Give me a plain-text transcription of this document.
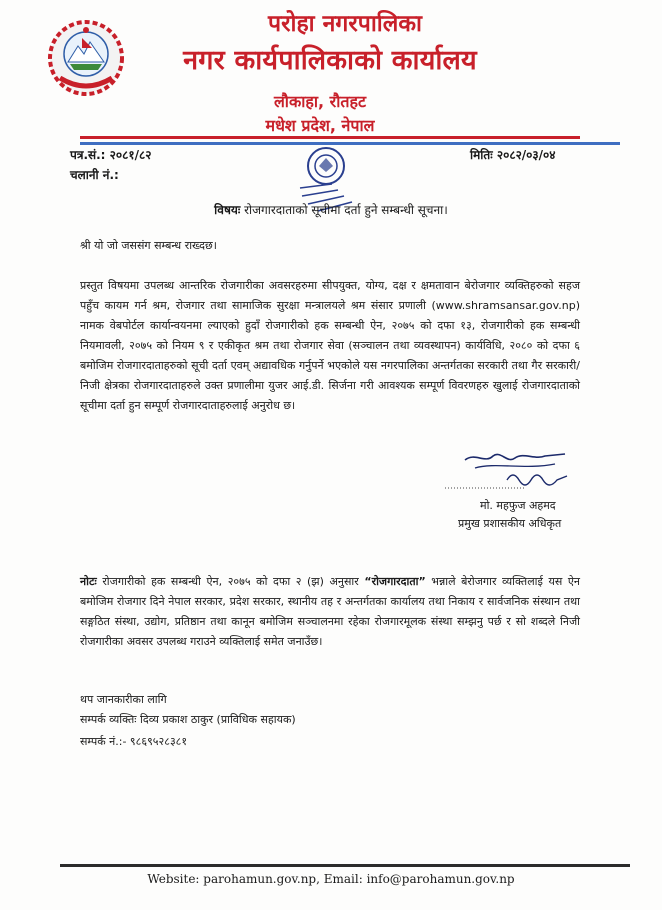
परोहा नगरपालिका
नगर कार्यपालिकाको कार्यालय
लौकाहा, रौतहट
मधेश प्रदेश, नेपाल
पत्र.सं.: २०८१/८२
चलानी नं.:
मितिः २०८२/०३/०४
विषयः रोजगारदाताको सूचीमा दर्ता हुने सम्बन्धी सूचना।
श्री यो जो जससंग सम्बन्ध राख्दछ।
प्रस्तुत विषयमा उपलब्ध आन्तरिक रोजगारीका अवसरहरुमा सीपयुक्त, योग्य, दक्ष र क्षमतावान बेरोजगार व्यक्तिहरुको सहज पहुँच कायम गर्न श्रम, रोजगार तथा सामाजिक सुरक्षा मन्त्रालयले श्रम संसार प्रणाली (www.shramsansar.gov.np) नामक वेबपोर्टल कार्यान्वयनमा ल्याएको हुदाँ रोजगारीको हक सम्बन्धी ऐन, २०७५ को दफा १३, रोजगारीको हक सम्बन्धी नियमावली, २०७५ को नियम ९ र एकीकृत श्रम तथा रोजगार सेवा (सञ्चालन तथा व्यवस्थापन) कार्यविधि, २०८० को दफा ६ बमोजिम रोजगारदाताहरुको सूची दर्ता एवम् अद्यावधिक गर्नुपर्ने भएकोले यस नगरपालिका अन्तर्गतका सरकारी तथा गैर सरकारी/निजी क्षेत्रका रोजगारदाताहरुले उक्त प्रणालीमा युजर आई.डी. सिर्जना गरी आवश्यक सम्पूर्ण विवरणहरु खुलाई रोजगारदाताको सूचीमा दर्ता हुन सम्पूर्ण रोजगारदाताहरुलाई अनुरोध छ।
मो. महफुज अहमद
प्रमुख प्रशासकीय अधिकृत
नोटः रोजगारीको हक सम्बन्धी ऐन, २०७५ को दफा २ (झ) अनुसार “रोजगारदाता” भन्नाले बेरोजगार व्यक्तिलाई यस ऐन बमोजिम रोजगार दिने नेपाल सरकार, प्रदेश सरकार, स्थानीय तह र अन्तर्गतका कार्यालय तथा निकाय र सार्वजनिक संस्थान तथा सङ्गठित संस्था, उद्योग, प्रतिष्ठान तथा कानून बमोजिम सञ्चालनमा रहेका रोजगारमूलक संस्था सम्झनु पर्छ र सो शब्दले निजी रोजगारीका अवसर उपलब्ध गराउने व्यक्तिलाई समेत जनाउँछ।
थप जानकारीका लागि
सम्पर्क व्यक्तिः दिव्य प्रकाश ठाकुर (प्राविधिक सहायक)
सम्पर्क नं.:- ९८६९५२८३८१
Website: parohamun.gov.np, Email: info@parohamun.gov.np
